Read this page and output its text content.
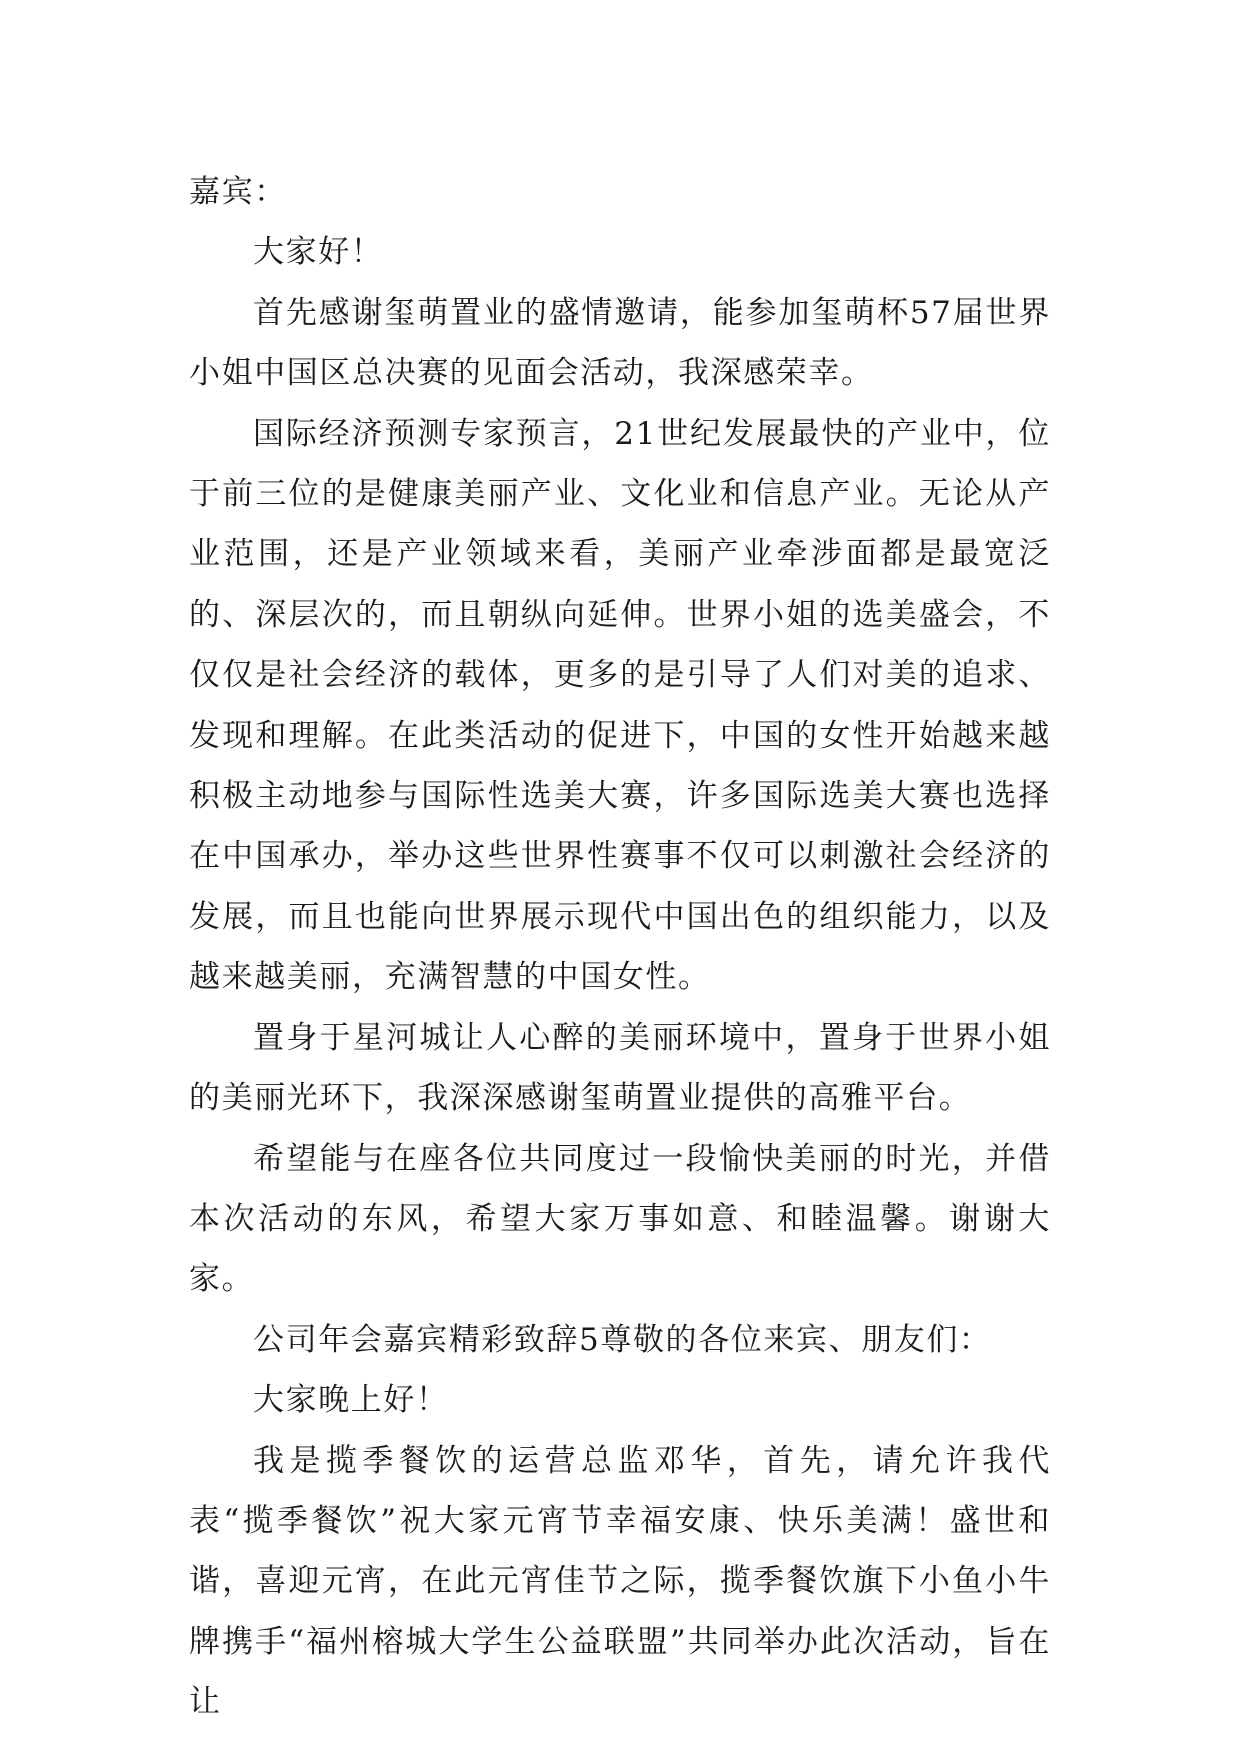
嘉宾：

大家好！

首先感谢玺萌置业的盛情邀请，能参加玺萌杯57届世界小姐中国区总决赛的见面会活动，我深感荣幸。

国际经济预测专家预言，21世纪发展最快的产业中，位于前三位的是健康美丽产业、文化业和信息产业。无论从产业范围，还是产业领域来看，美丽产业牵涉面都是最宽泛的、深层次的，而且朝纵向延伸。世界小姐的选美盛会，不仅仅是社会经济的载体，更多的是引导了人们对美的追求、发现和理解。在此类活动的促进下，中国的女性开始越来越积极主动地参与国际性选美大赛，许多国际选美大赛也选择在中国承办，举办这些世界性赛事不仅可以刺激社会经济的发展，而且也能向世界展示现代中国出色的组织能力，以及越来越美丽，充满智慧的中国女性。

置身于星河城让人心醉的美丽环境中，置身于世界小姐的美丽光环下，我深深感谢玺萌置业提供的高雅平台。

希望能与在座各位共同度过一段愉快美丽的时光，并借本次活动的东风，希望大家万事如意、和睦温馨。谢谢大家。

公司年会嘉宾精彩致辞5尊敬的各位来宾、朋友们：

大家晚上好！

我是揽季餐饮的运营总监邓华，首先，请允许我代表“揽季餐饮”祝大家元宵节幸福安康、快乐美满！盛世和谐，喜迎元宵，在此元宵佳节之际，揽季餐饮旗下小鱼小牛牌携手“福州榕城大学生公益联盟”共同举办此次活动，旨在让
